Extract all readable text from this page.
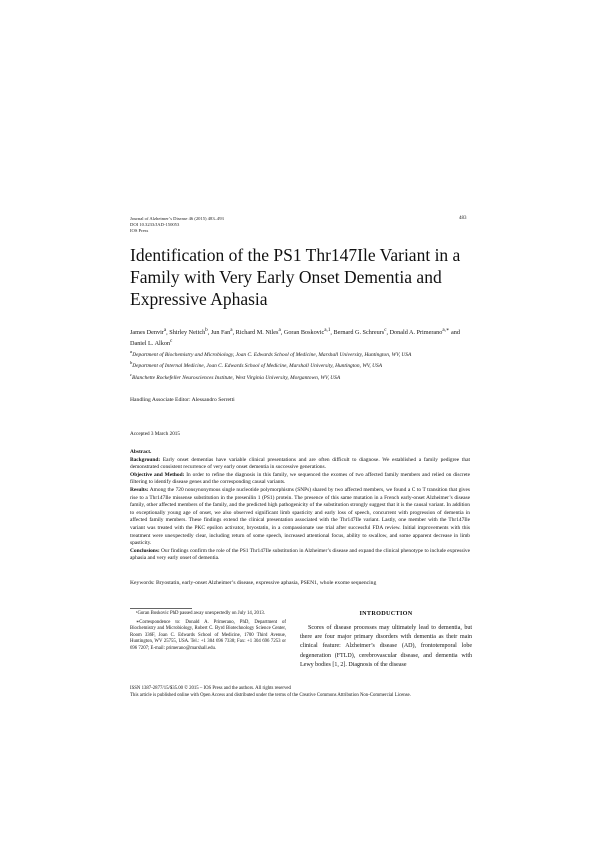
Journal of Alzheimer’s Disease 46 (2015) 483–493
DOI 10.3233/JAD-150053
IOS Press
483
Identification of the PS1 Thr147Ile Variant in a Family with Very Early Onset Dementia and Expressive Aphasia
James Denvir$^a$, Shirley Neitch$^b$, Jun Fan$^a$, Richard M. Niles$^a$, Goran Boskovic$^{a,1}$, Bernard G. Schreurs$^c$, Donald A. Primerano$^{a,∗}$ and Daniel L. Alkon$^c$
$^a$Department of Biochemistry and Microbiology, Joan C. Edwards School of Medicine, Marshall University, Huntington, WV, USA
$^b$Department of Internal Medicine, Joan C. Edwards School of Medicine, Marshall University, Huntington, WV, USA
$^c$Blanchette Rockefeller Neurosciences Institute, West Virginia University, Morgantown, WV, USA
Handling Associate Editor: Alessandro Serretti
Accepted 3 March 2015

Abstract.

Background: Early onset dementias have variable clinical presentations and are often difficult to diagnose. We established a family pedigree that demonstrated consistent recurrence of very early onset dementia in successive generations.

Objective and Method: In order to refine the diagnosis in this family, we sequenced the exomes of two affected family members and relied on discrete filtering to identify disease genes and the corresponding causal variants.

Results: Among the 720 nonsynonymous single nucleotide polymorphisms (SNPs) shared by two affected members, we found a C to T transition that gives rise to a Thr147Ile missense substitution in the presenilin 1 (PS1) protein. The presence of this same mutation in a French early-onset Alzheimer’s disease family, other affected members of the family, and the predicted high pathogenicity of the substitution strongly suggest that it is the causal variant. In addition to exceptionally young age of onset, we also observed significant limb spasticity and early loss of speech, concurrent with progression of dementia in affected family members. These findings extend the clinical presentation associated with the Thr147Ile variant. Lastly, one member with the Thr147Ile variant was treated with the PKC epsilon activator, bryostatin, in a compassionate use trial after successful FDA review. Initial improvements with this treatment were unexpectedly clear, including return of some speech, increased attentional focus, ability to swallow, and some apparent decrease in limb spasticity.

Conclusions: Our findings confirm the role of the PS1 Thr147Ile substitution in Alzheimer’s disease and expand the clinical phenotype to include expressive aphasia and very early onset of dementia.

Keywords: Bryostatin, early-onset Alzheimer’s disease, expressive aphasia, PSEN1, whole exome sequencing

¹Goran Boskovic PhD passed away unexpectedly on July 14, 2013.

∗Correspondence to: Donald A. Primerano, PhD, Department of Biochemistry and Microbiology, Robert C. Byrd Biotechnology Science Center, Room 336F, Joan C. Edwards School of Medicine, 1700 Third Avenue, Huntington, WV 25755, USA. Tel.: +1 304 696 7338; Fax: +1 304 696 7253 or 696 7207; E-mail: primerano@marshall.edu.

INTRODUCTION
Scores of disease processes may ultimately lead to dementia, but there are four major primary disorders with dementia as their main clinical feature: Alzheimer’s disease (AD), frontotemporal lobe degeneration (FTLD), cerebrovascular disease, and dementia with Lewy bodies [1, 2]. Diagnosis of the disease
ISSN 1387-2877/15/$35.00 © 2015 – IOS Press and the authors. All rights reserved
This article is published online with Open Access and distributed under the terms of the Creative Commons Attribution Non-Commercial License.
